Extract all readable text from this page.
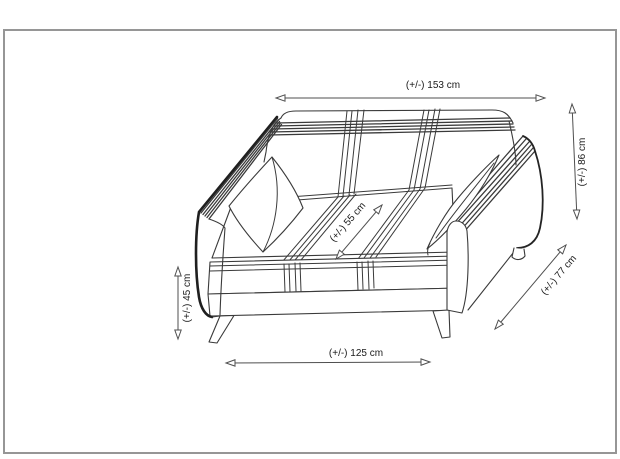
(+/-) 153 cm
(+/-) 86 cm
(+/-) 55 cm
(+/-) 45 cm	(+/-) 77 cm
(+/-) 125 cm
